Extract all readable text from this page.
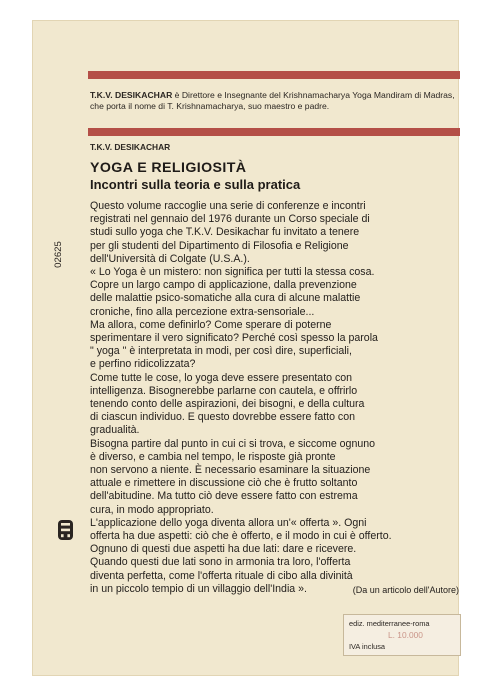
T.K.V. DESIKACHAR è Direttore e Insegnante del Krishnamacharya Yoga Mandiram di Madras, che porta il nome di T. Krishnamacharya, suo maestro e padre.

T.K.V. DESIKACHAR

YOGA E RELIGIOSITÀ
Incontri sulla teoria e sulla pratica
02625
Questo volume raccoglie una serie di conferenze e incontri
registrati nel gennaio del 1976 durante un Corso speciale di
studi sullo yoga che T.K.V. Desikachar fu invitato a tenere
per gli studenti del Dipartimento di Filosofia e Religione
dell'Università di Colgate (U.S.A.).
« Lo Yoga è un mistero: non significa per tutti la stessa cosa.
Copre un largo campo di applicazione, dalla prevenzione
delle malattie psico-somatiche alla cura di alcune malattie
croniche, fino alla percezione extra-sensoriale...
Ma allora, come definirlo? Come sperare di poterne
sperimentare il vero significato? Perché così spesso la parola
" yoga " è interpretata in modi, per così dire, superficiali,
e perfino ridicolizzata?
Come tutte le cose, lo yoga deve essere presentato con
intelligenza. Bisognerebbe parlarne con cautela, e offrirlo
tenendo conto delle aspirazioni, dei bisogni, e della cultura
di ciascun individuo. E questo dovrebbe essere fatto con
gradualità.
Bisogna partire dal punto in cui ci si trova, e siccome ognuno
è diverso, e cambia nel tempo, le risposte già pronte
non servono a niente. È necessario esaminare la situazione
attuale e rimettere in discussione ciò che è frutto soltanto
dell'abitudine. Ma tutto ciò deve essere fatto con estrema
cura, in modo appropriato.
L'applicazione dello yoga diventa allora un'« offerta ». Ogni
offerta ha due aspetti: ciò che è offerto, e il modo in cui è offerto.
Ognuno di questi due aspetti ha due lati: dare e ricevere.
Quando questi due lati sono in armonia tra loro, l'offerta
diventa perfetta, come l'offerta rituale di cibo alla divinità
in un piccolo tempio di un villaggio dell'India ».	(Da un articolo dell'Autore)

ediz. mediterranee-roma
L. 10.000
IVA inclusa
